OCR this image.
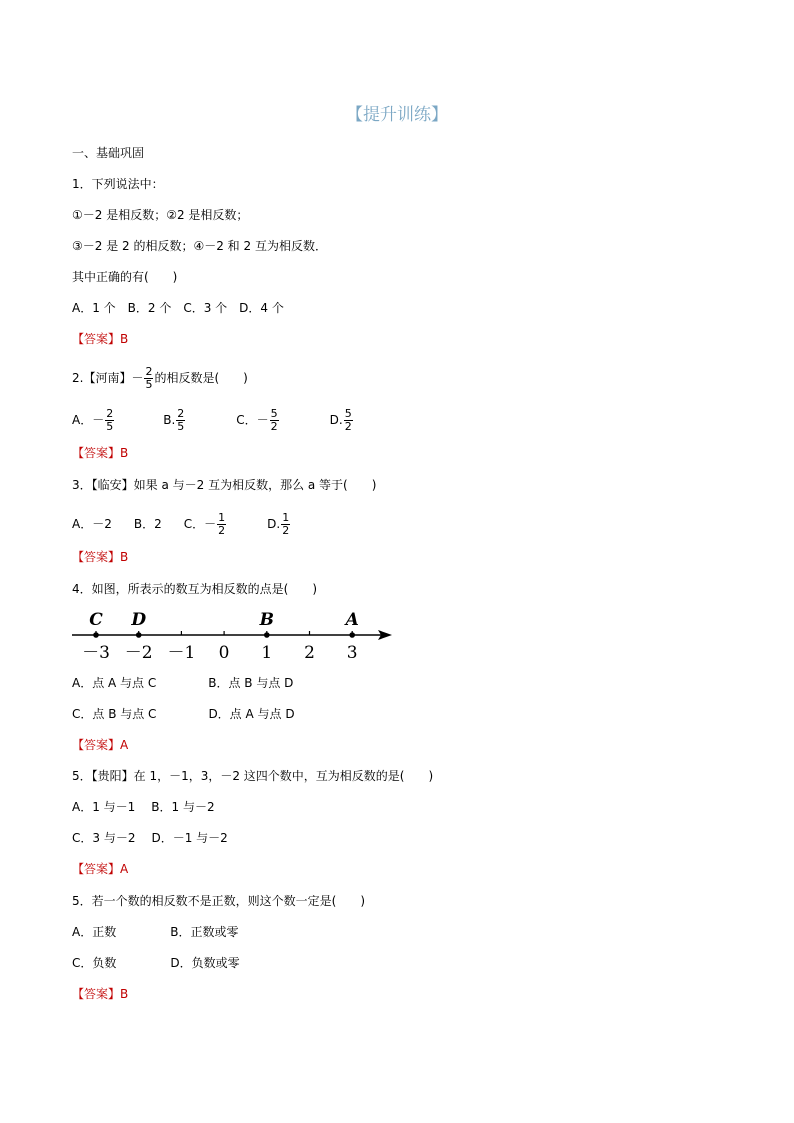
【提升训练】
一、基础巩固
1．下列说法中：
①－2 是相反数；②2 是相反数；
③－2 是 2 的相反数；④－2 和 2 互为相反数．
其中正确的有(　　)
A．1 个　B．2 个　C．3 个　D．4 个
【答案】B
2.【河南】－ $\frac{2}{5}$ 的相反数是(　　)
A．－ $\frac{2}{5}$	B. $\frac{2}{5}$	C．－ $\frac{5}{2}$	D. $\frac{5}{2}$
【答案】B
3．【临安】如果 a 与－2 互为相反数，那么 a 等于(　　)
A．－2 B．2 C．－ $\frac{1}{2}$	D. $\frac{1}{2}$
【答案】B
4．如图，所表示的数互为相反数的点是(　　)
－3 －2 －1 0 1 2 3
C D	B	A
A．点 A 与点 C	B．点 B 与点 D
C．点 B 与点 C	D．点 A 与点 D
【答案】A
5．【贵阳】在 1，－1，3，－2 这四个数中，互为相反数的是(　　)
A．1 与－1 B．1 与－2
C．3 与－2 D．－1 与－2
【答案】A
5．若一个数的相反数不是正数，则这个数一定是(　　)
A．正数	B．正数或零
C．负数	D．负数或零
【答案】B
